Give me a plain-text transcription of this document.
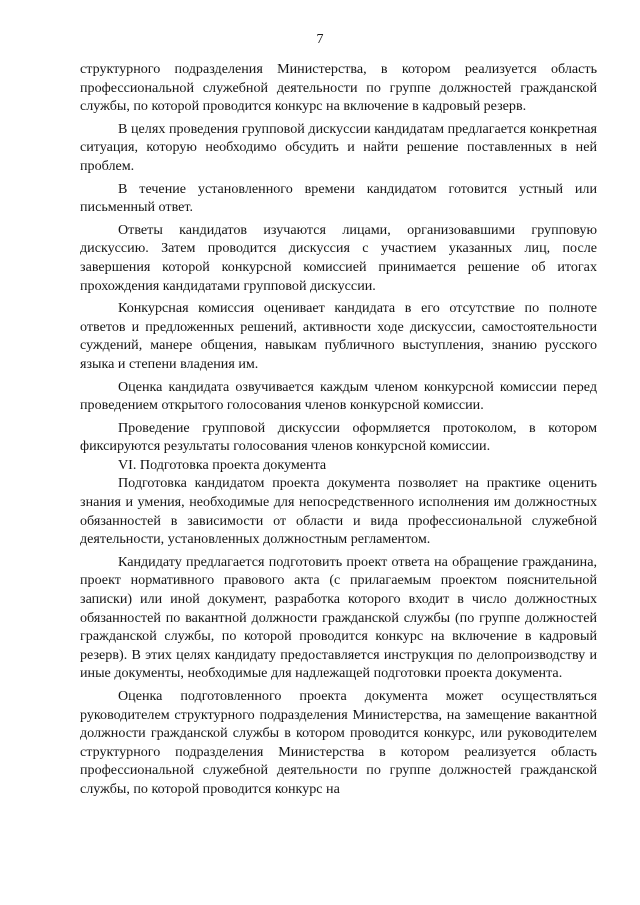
7

структурного подразделения Министерства, в котором реализуется область профессиональной служебной деятельности по группе должностей гражданской службы, по которой проводится конкурс на включение в кадровый резерв.

В целях проведения групповой дискуссии кандидатам предлагается конкретная ситуация, которую необходимо обсудить и найти решение поставленных в ней проблем.

В течение установленного времени кандидатом готовится устный или письменный ответ.

Ответы кандидатов изучаются лицами, организовавшими групповую дискуссию. Затем проводится дискуссия с участием указанных лиц, после завершения которой конкурсной комиссией принимается решение об итогах прохождения кандидатами групповой дискуссии.

Конкурсная комиссия оценивает кандидата в его отсутствие по полноте ответов и предложенных решений, активности ходе дискуссии, самостоятельности суждений, манере общения, навыкам публичного выступления, знанию русского языка и степени владения им.

Оценка кандидата озвучивается каждым членом конкурсной комиссии перед проведением открытого голосования членов конкурсной комиссии.

Проведение групповой дискуссии оформляется протоколом, в котором фиксируются результаты голосования членов конкурсной комиссии.

VI. Подготовка проекта документа

Подготовка кандидатом проекта документа позволяет на практике оценить знания и умения, необходимые для непосредственного исполнения им должностных обязанностей в зависимости от области и вида профессиональной служебной деятельности, установленных должностным регламентом.

Кандидату предлагается подготовить проект ответа на обращение гражданина, проект нормативного правового акта (с прилагаемым проектом пояснительной записки) или иной документ, разработка которого входит в число должностных обязанностей по вакантной должности гражданской службы (по группе должностей гражданской службы, по которой проводится конкурс на включение в кадровый резерв). В этих целях кандидату предоставляется инструкция по делопроизводству и иные документы, необходимые для надлежащей подготовки проекта документа.

Оценка подготовленного проекта документа может осуществляться руководителем структурного подразделения Министерства, на замещение вакантной должности гражданской службы в котором проводится конкурс, или руководителем структурного подразделения Министерства в котором реализуется область профессиональной служебной деятельности по группе должностей гражданской службы, по которой проводится конкурс на
